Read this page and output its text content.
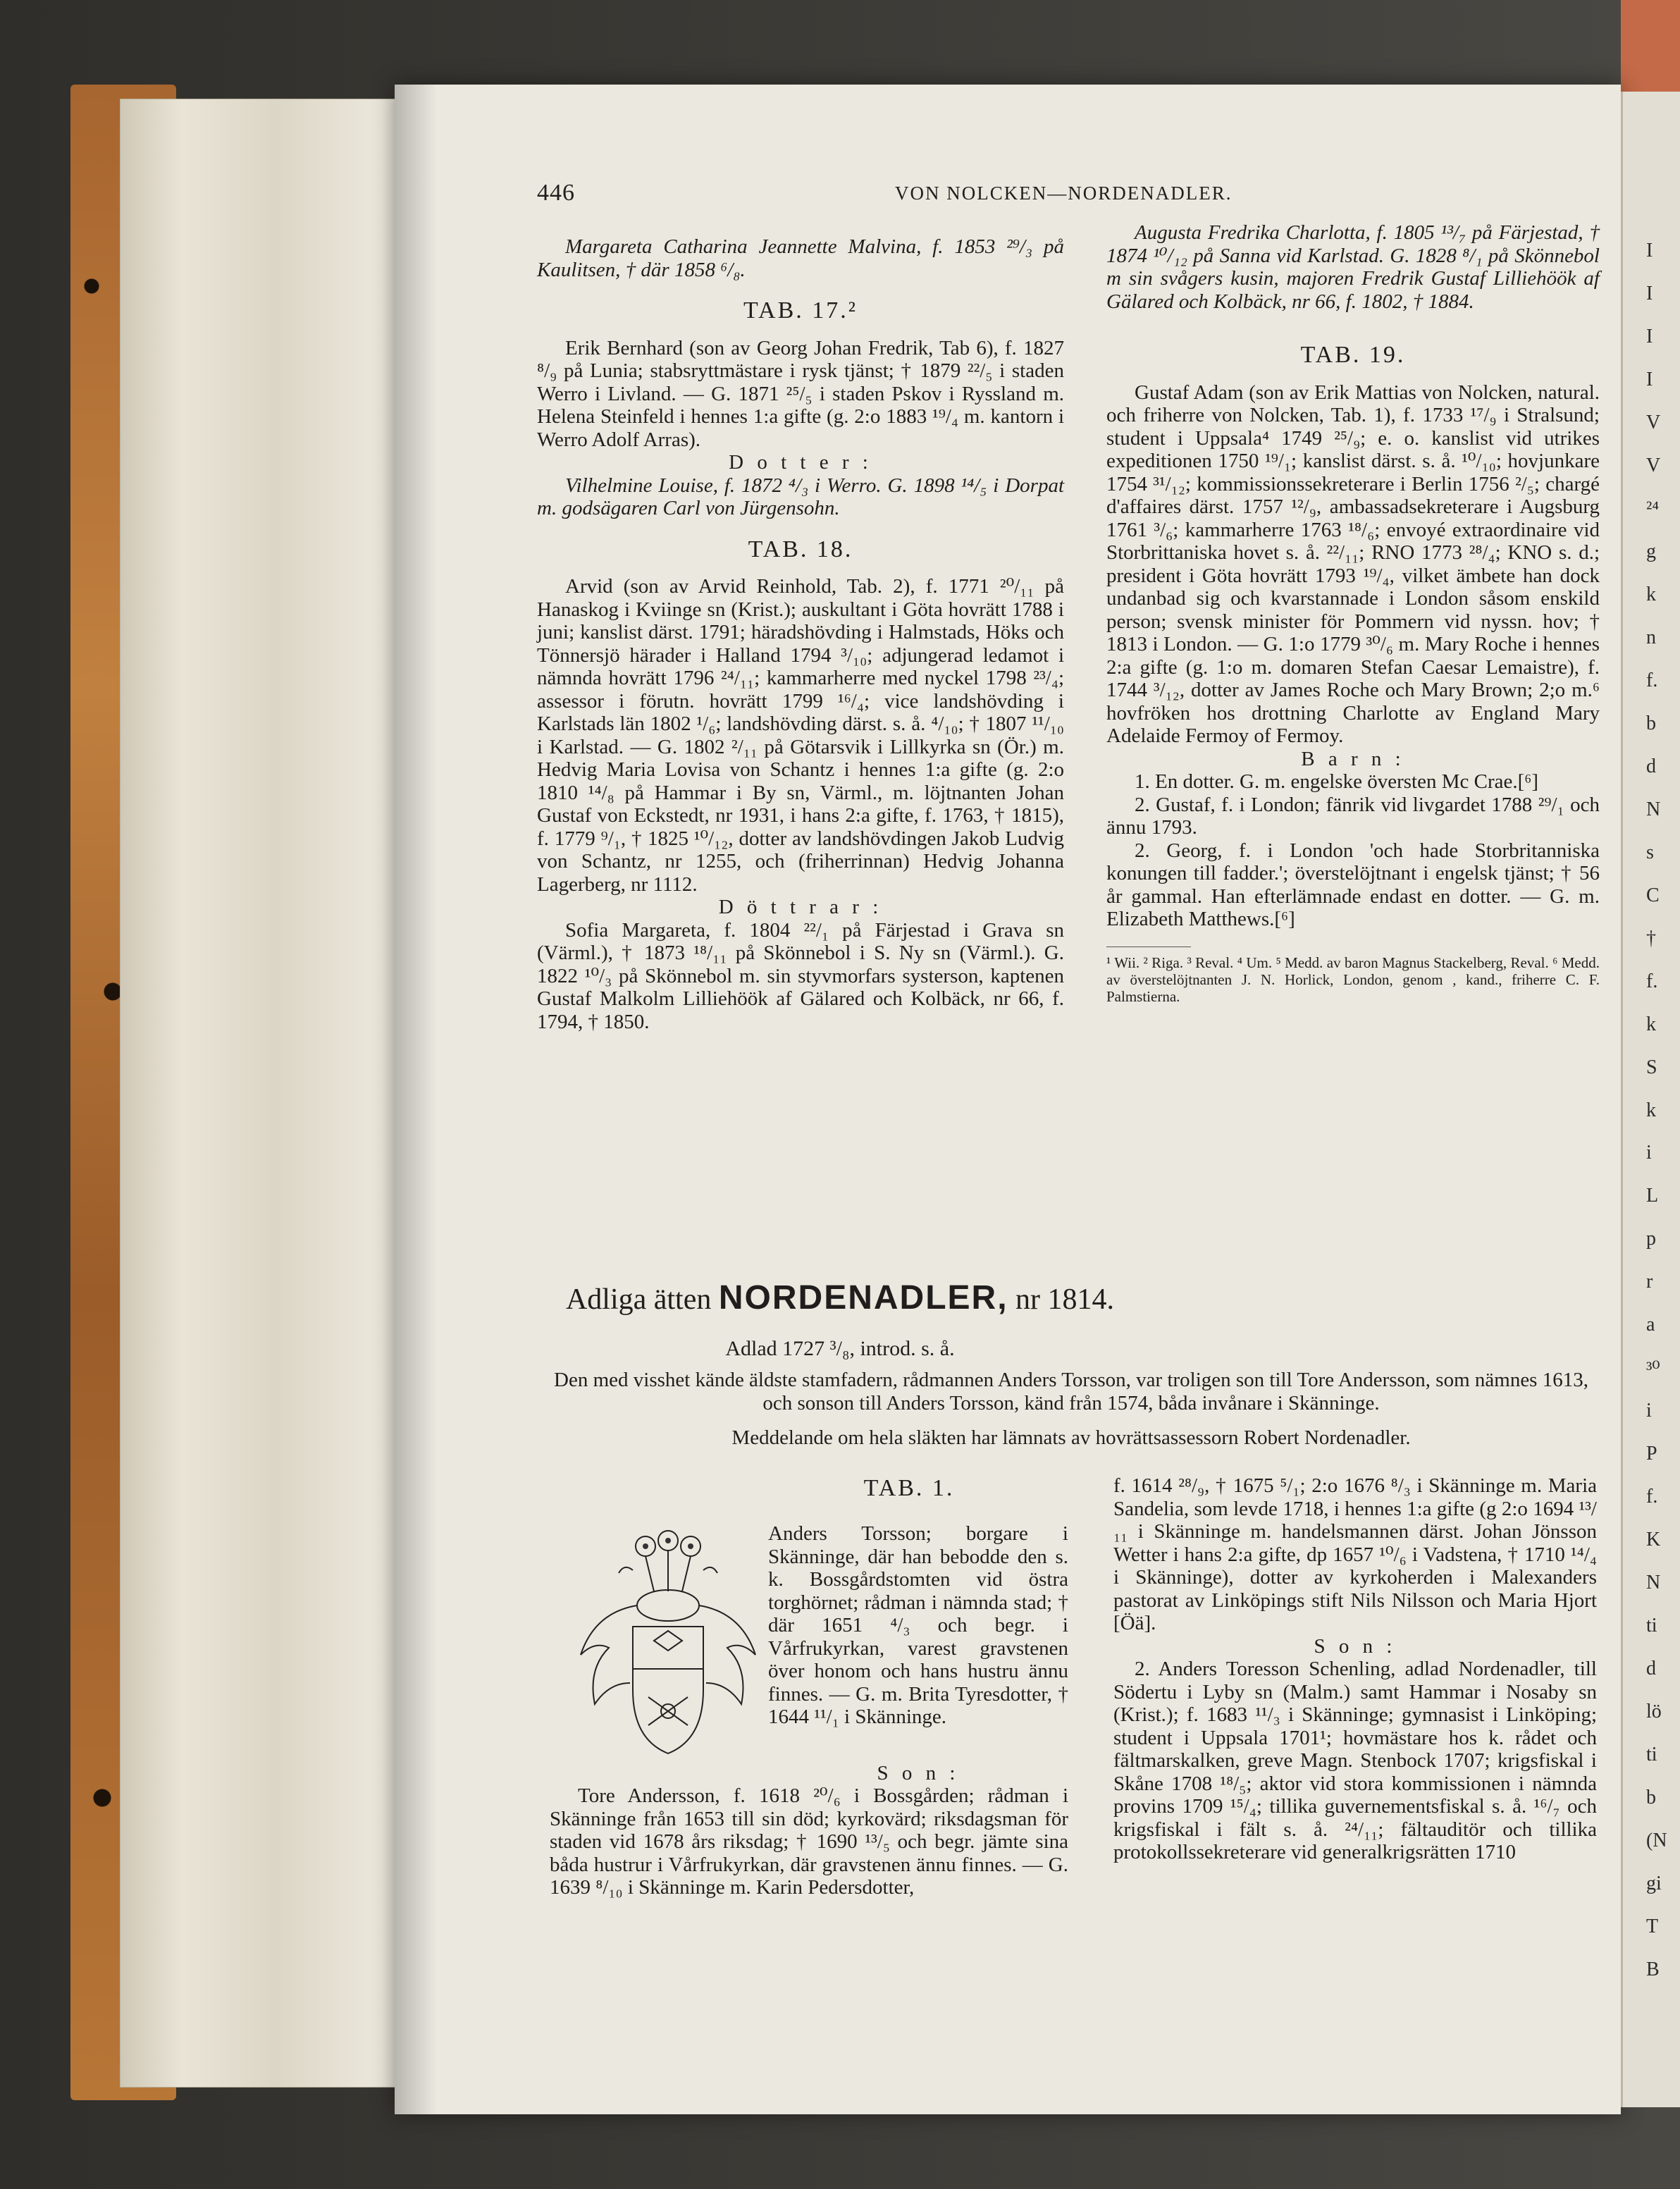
I
I
I
I
V
V
²⁴
g
k
n
f.
b
d
N
s
C
†
f.
k
S
k
i
L
p
r
a
³⁰
i
P
f.
K
N
ti
d
lö
ti
b
(N
gi
T
B
446	VON NOLCKEN—NORDENADLER.

Margareta Catharina Jeannette Malvina, f. 1853 ²⁹/₃ på Kaulitsen, † där 1858 ⁶/₈.

TAB. 17.²

Erik Bernhard (son av Georg Johan Fredrik, Tab 6), f. 1827 ⁸/₉ på Lunia; stabsryttmästare i rysk tjänst; † 1879 ²²/₅ i staden Werro i Livland. — G. 1871 ²⁵/₅ i staden Pskov i Ryssland m. Helena Steinfeld i hennes 1:a gifte (g. 2:o 1883 ¹⁹/₄ m. kantorn i Werro Adolf Arras).

D o t t e r :

Vilhelmine Louise, f. 1872 ⁴/₃ i Werro. G. 1898 ¹⁴/₅ i Dorpat m. godsägaren Carl von Jürgensohn.

TAB. 18.

Arvid (son av Arvid Reinhold, Tab. 2), f. 1771 ²⁰/₁₁ på Hanaskog i Kviinge sn (Krist.); auskultant i Göta hovrätt 1788 i juni; kanslist därst. 1791; häradshövding i Halmstads, Höks och Tönnersjö härader i Halland 1794 ³/₁₀; adjungerad ledamot i nämnda hovrätt 1796 ²⁴/₁₁; kammarherre med nyckel 1798 ²³/₄; assessor i förutn. hovrätt 1799 ¹⁶/₄; vice landshövding i Karlstads län 1802 ¹/₆; landshövding därst. s. å. ⁴/₁₀; † 1807 ¹¹/₁₀ i Karlstad. — G. 1802 ²/₁₁ på Götarsvik i Lillkyrka sn (Ör.) m. Hedvig Maria Lovisa von Schantz i hennes 1:a gifte (g. 2:o 1810 ¹⁴/₈ på Hammar i By sn, Värml., m. löjtnanten Johan Gustaf von Eckstedt, nr 1931, i hans 2:a gifte, f. 1763, † 1815), f. 1779 ⁹/₁, † 1825 ¹⁰/₁₂, dotter av landshövdingen Jakob Ludvig von Schantz, nr 1255, och (friherrinnan) Hedvig Johanna Lagerberg, nr 1112.

D ö t t r a r :

Sofia Margareta, f. 1804 ²²/₁ på Färjestad i Grava sn (Värml.), † 1873 ¹⁸/₁₁ på Skönnebol i S. Ny sn (Värml.). G. 1822 ¹⁰/₃ på Skönnebol m. sin styvmorfars systerson, kaptenen Gustaf Malkolm Lilliehöök af Gälared och Kolbäck, nr 66, f. 1794, † 1850.

Augusta Fredrika Charlotta, f. 1805 ¹³/₇ på Färjestad, † 1874 ¹⁰/₁₂ på Sanna vid Karlstad. G. 1828 ⁸/₁ på Skönnebol m sin svågers kusin, majoren Fredrik Gustaf Lilliehöök af Gälared och Kolbäck, nr 66, f. 1802, † 1884.

TAB. 19.

Gustaf Adam (son av Erik Mattias von Nolcken, natural. och friherre von Nolcken, Tab. 1), f. 1733 ¹⁷/₉ i Stralsund; student i Uppsala⁴ 1749 ²⁵/₉; e. o. kanslist vid utrikes expeditionen 1750 ¹⁹/₁; kanslist därst. s. å. ¹⁰/₁₀; hovjunkare 1754 ³¹/₁₂; kommissionssekreterare i Berlin 1756 ²/₅; chargé d'affaires därst. 1757 ¹²/₉, ambassadsekreterare i Augsburg 1761 ³/₆; kammarherre 1763 ¹⁸/₆; envoyé extraordinaire vid Storbrittaniska hovet s. å. ²²/₁₁; RNO 1773 ²⁸/₄; KNO s. d.; president i Göta hovrätt 1793 ¹⁹/₄, vilket ämbete han dock undanbad sig och kvarstannade i London såsom enskild person; svensk minister för Pommern vid nyssn. hov; † 1813 i London. — G. 1:o 1779 ³⁰/₆ m. Mary Roche i hennes 2:a gifte (g. 1:o m. domaren Stefan Caesar Lemaistre), f. 1744 ³/₁₂, dotter av James Roche och Mary Brown; 2;o m.⁶ hovfröken hos drottning Charlotte av England Mary Adelaide Fermoy of Fermoy.

B a r n :

1. En dotter. G. m. engelske översten Mc Crae.[⁶]

2. Gustaf, f. i London; fänrik vid livgardet 1788 ²⁹/₁ och ännu 1793.

2. Georg, f. i London 'och hade Storbritanniska konungen till fadder.'; överstelöjtnant i engelsk tjänst; † 56 år gammal. Han efterlämnade endast en dotter. — G. m. Elizabeth Matthews.[⁶]

¹ Wii. ² Riga. ³ Reval. ⁴ Um. ⁵ Medd. av baron Magnus Stackelberg, Reval. ⁶ Medd. av överstelöjtnanten J. N. Horlick, London, genom , kand., friherre C. F. Palmstierna.

Adliga ätten NORDENADLER, nr 1814.
Adlad 1727 ³/₈, introd. s. å.
Den med visshet kände äldste stamfadern, rådmannen Anders Torsson, var troligen son till Tore Andersson, som nämnes 1613, och sonson till Anders Torsson, känd från 1574, båda invånare i Skänninge.
Meddelande om hela släkten har lämnats av hovrättsassessorn Robert Nordenadler.
TAB. 1.
Anders Torsson; borgare i Skänninge, där han bebodde den s. k. Bossgårdstomten vid östra torghörnet; rådman i nämnda stad; † där 1651 ⁴/₃ och begr. i Vårfrukyrkan, varest gravstenen över honom och hans hustru ännu finnes. — G. m. Brita Tyresdotter, † 1644 ¹¹/₁ i Skänninge.
S o n :
Tore Andersson, f. 1618 ²⁰/₆ i Bossgården; rådman i Skänninge från 1653 till sin död; kyrkovärd; riksdagsman för staden vid 1678 års riksdag; † 1690 ¹³/₅ och begr. jämte sina båda hustrur i Vårfrukyrkan, där gravstenen ännu finnes. — G. 1639 ⁸/₁₀ i Skänninge m. Karin Pedersdotter,

f. 1614 ²⁸/₉, † 1675 ⁵/₁; 2:o 1676 ⁸/₃ i Skänninge m. Maria Sandelia, som levde 1718, i hennes 1:a gifte (g 2:o 1694 ¹³/₁₁ i Skänninge m. handelsmannen därst. Johan Jönsson Wetter i hans 2:a gifte, dp 1657 ¹⁰/₆ i Vadstena, † 1710 ¹⁴/₄ i Skänninge), dotter av kyrkoherden i Malexanders pastorat av Linköpings stift Nils Nilsson och Maria Hjort [Öä].

S o n :

2. Anders Toresson Schenling, adlad Nordenadler, till Södertu i Lyby sn (Malm.) samt Hammar i Nosaby sn (Krist.); f. 1683 ¹¹/₃ i Skänninge; gymnasist i Linköping; student i Uppsala 1701¹; hovmästare hos k. rådet och fältmarskalken, greve Magn. Stenbock 1707; krigsfiskal i Skåne 1708 ¹⁸/₅; aktor vid stora kommissionen i nämnda provins 1709 ¹⁵/₄; tillika guvernementsfiskal s. å. ¹⁶/₇ och krigsfiskal i fält s. å. ²⁴/₁₁; fältauditör och tillika protokollssekreterare vid generalkrigsrätten 1710
